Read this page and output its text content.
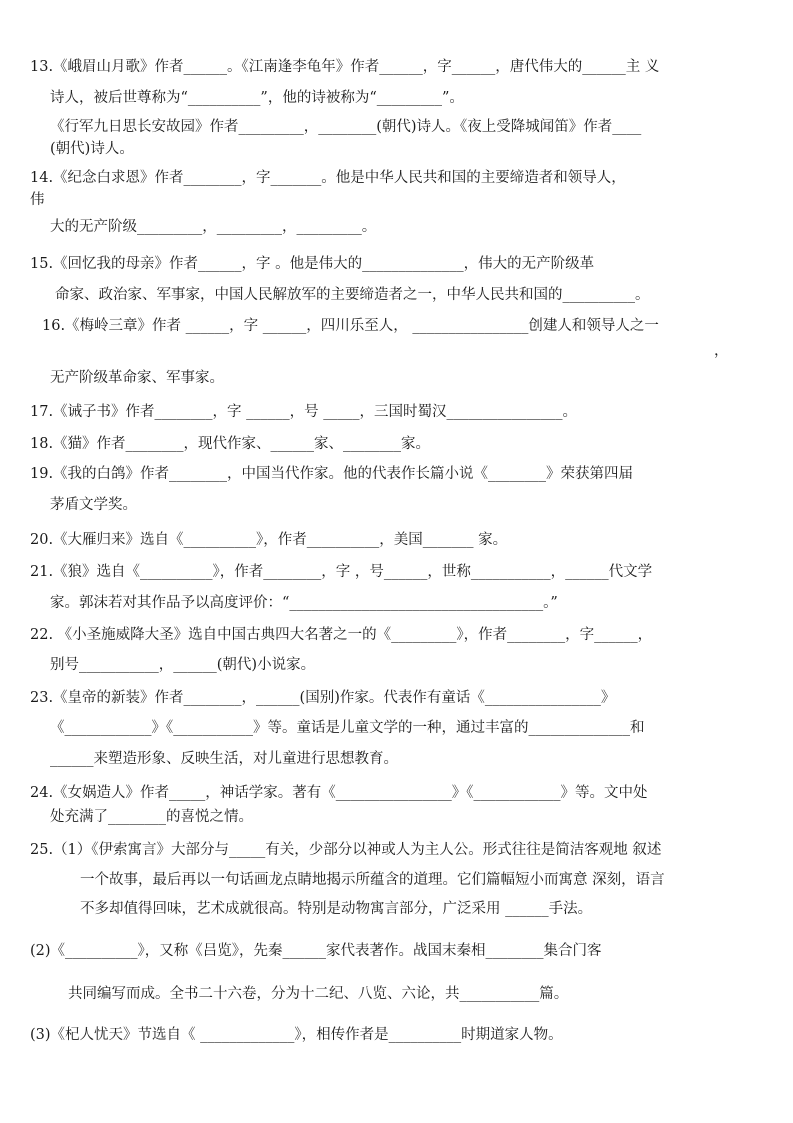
13.《峨眉山月歌》作者______。《江南逢李龟年》作者______，字______，唐代伟大的______主 义
诗人，被后世尊称为“__________”，他的诗被称为“_________”。
《行军九日思长安故园》作者_________，________(朝代)诗人。《夜上受降城闻笛》作者____
(朝代)诗人。
14.《纪念白求恩》作者________，字_______。他是中华人民共和国的主要缔造者和领导人，
伟
大的无产阶级_________，_________，_________。
15.《回忆我的母亲》作者______，字 。他是伟大的______________，伟大的无产阶级革
命家、政治家、军事家，中国人民解放军的主要缔造者之一，中华人民共和国的__________。
16.《梅岭三章》作者 ______，字 ______，四川乐至人， ________________创建人和领导人之一
，
无产阶级革命家、军事家。
17.《诫子书》作者________，字 ______，号 _____，三国时蜀汉________________。
18.《猫》作者________，现代作家、______家、________家。
19.《我的白鸽》作者________，中国当代作家。他的代表作长篇小说《________》荣获第四届
茅盾文学奖。
20.《大雁归来》选自《__________》，作者__________，美国_______ 家。
21.《狼》选自《__________》，作者________，字 ，号______，世称___________，______代文学
家。郭沫若对其作品予以高度评价：“___________________________________。”
22. 《小圣施威降大圣》选自中国古典四大名著之一的《_________》，作者________，字______，
别号___________，______(朝代)小说家。
23.《皇帝的新装》作者________，______(国别)作家。代表作有童话《________________》
《____________》《___________》等。童话是儿童文学的一种，通过丰富的______________和
______来塑造形象、反映生活，对儿童进行思想教育。
24.《女娲造人》作者_____，神话学家。著有《________________》《____________》等。文中处
处充满了________的喜悦之情。
25.（1）《伊索寓言》大部分与_____有关，少部分以神或人为主人公。形式往往是简洁客观地 叙述
一个故事，最后再以一句话画龙点睛地揭示所蕴含的道理。它们篇幅短小而寓意 深刻，语言
不多却值得回味，艺术成就很高。特别是动物寓言部分，广泛采用 ______手法。
(2)《__________》，又称《吕览》，先秦______家代表著作。战国末秦相________集合门客
共同编写而成。全书二十六卷，分为十二纪、八览、六论，共___________篇。
(3)《杞人忧天》节选自《 _____________》，相传作者是__________时期道家人物。
